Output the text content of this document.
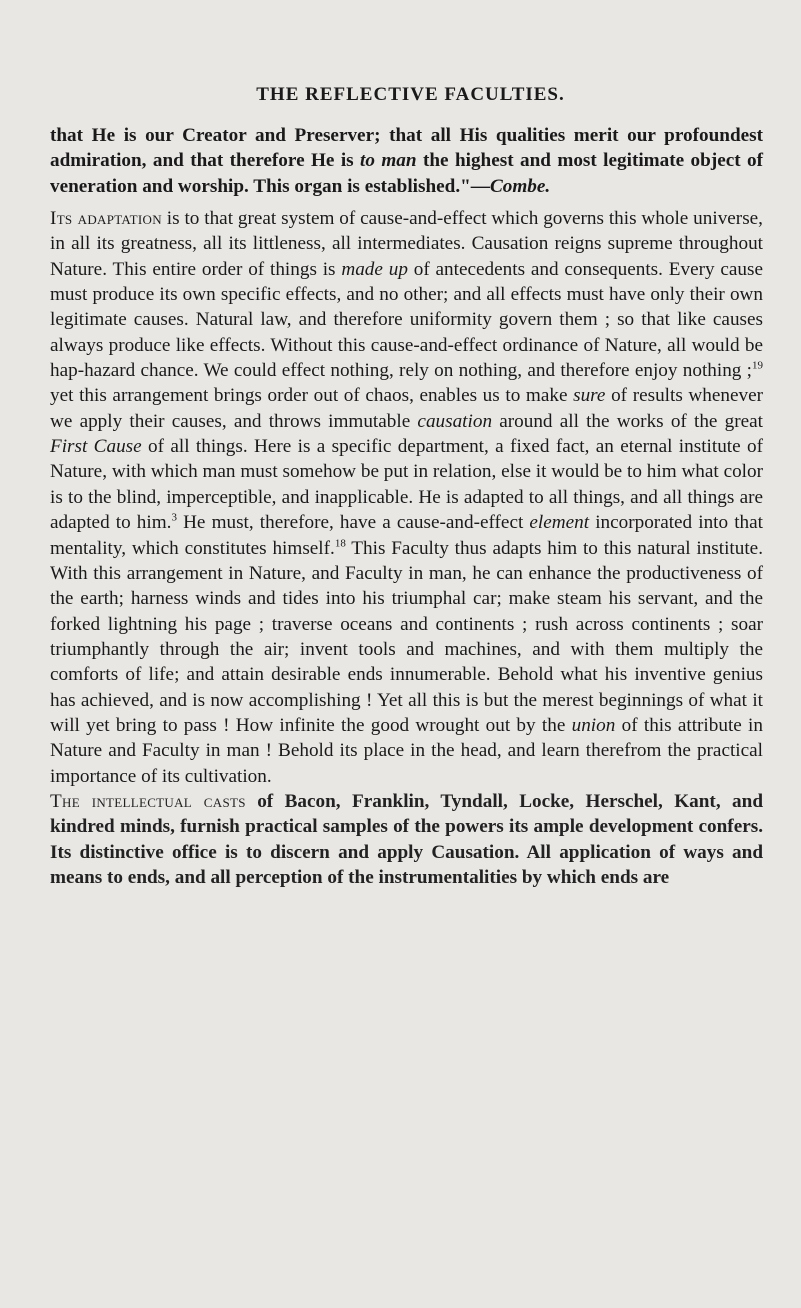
THE REFLECTIVE FACULTIES.

that He is our Creator and Preserver; that all His qualities merit our profoundest admiration, and that therefore He is to man the highest and most legitimate object of veneration and worship. This organ is established."—Combe.

Its adaptation is to that great system of cause-and-effect which governs this whole universe, in all its greatness, all its littleness, all intermediates. Causation reigns supreme throughout Nature. This entire order of things is made up of antecedents and consequents. Every cause must produce its own specific effects, and no other; and all effects must have only their own legitimate causes. Natural law, and therefore uniformity govern them ; so that like causes always produce like effects. Without this cause-and-effect ordinance of Nature, all would be hap-hazard chance. We could effect nothing, rely on nothing, and therefore enjoy nothing ;$^{19}$ yet this arrangement brings order out of chaos, enables us to make sure of results whenever we apply their causes, and throws immutable causation around all the works of the great First Cause of all things. Here is a specific department, a fixed fact, an eternal institute of Nature, with which man must somehow be put in relation, else it would be to him what color is to the blind, imperceptible, and inapplicable. He is adapted to all things, and all things are adapted to him.$^3$ He must, therefore, have a cause-and-effect element incorporated into that mentality, which constitutes himself.$^{18}$ This Faculty thus adapts him to this natural institute. With this arrangement in Nature, and Faculty in man, he can enhance the productiveness of the earth; harness winds and tides into his triumphal car; make steam his servant, and the forked lightning his page ; traverse oceans and continents ; rush across continents ; soar triumphantly through the air; invent tools and machines, and with them multiply the comforts of life; and attain desirable ends innumerable. Behold what his inventive genius has achieved, and is now accomplishing ! Yet all this is but the merest beginnings of what it will yet bring to pass ! How infinite the good wrought out by the union of this attribute in Nature and Faculty in man ! Behold its place in the head, and learn therefrom the practical importance of its cultivation.

The intellectual casts of Bacon, Franklin, Tyndall, Locke, Herschel, Kant, and kindred minds, furnish practical samples of the powers its ample development confers. Its distinctive office is to discern and apply Causation. All application of ways and means to ends, and all perception of the instrumentalities by which ends are
